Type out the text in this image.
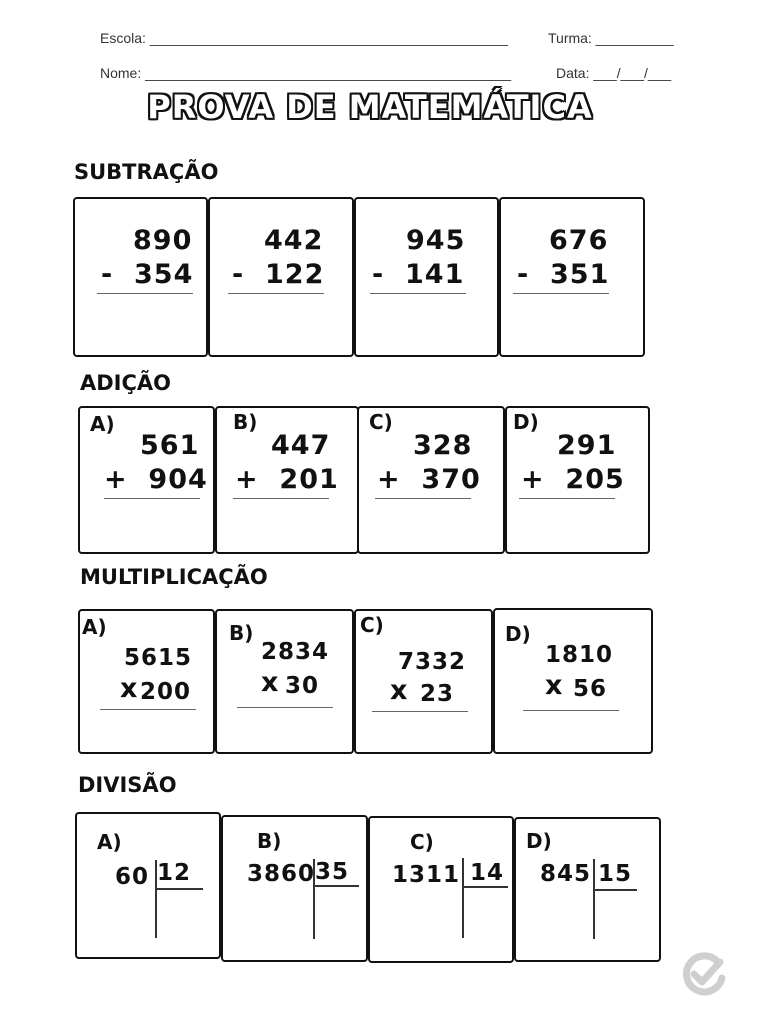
Escola: ______________________________________________	Turma: __________
Nome: _______________________________________________	Data: ___/___/___
PROVA DE MATEMÁTICA
SUBTRAÇÃO
890
-  354
442
-  122
945
-  141
676
-  351
ADIÇÃO
A)
561
+  904
B)
447
+  201
C)
328
+  370
D)
291
+  205
MULTIPLICAÇÃO
A)
5615
x 200
B)
2834
x 30
C)
7332
x 23
D)
1810
x 56
DIVISÃO
A)
60 12
B)
3860 35
C)
1311 14
D)
845 15
